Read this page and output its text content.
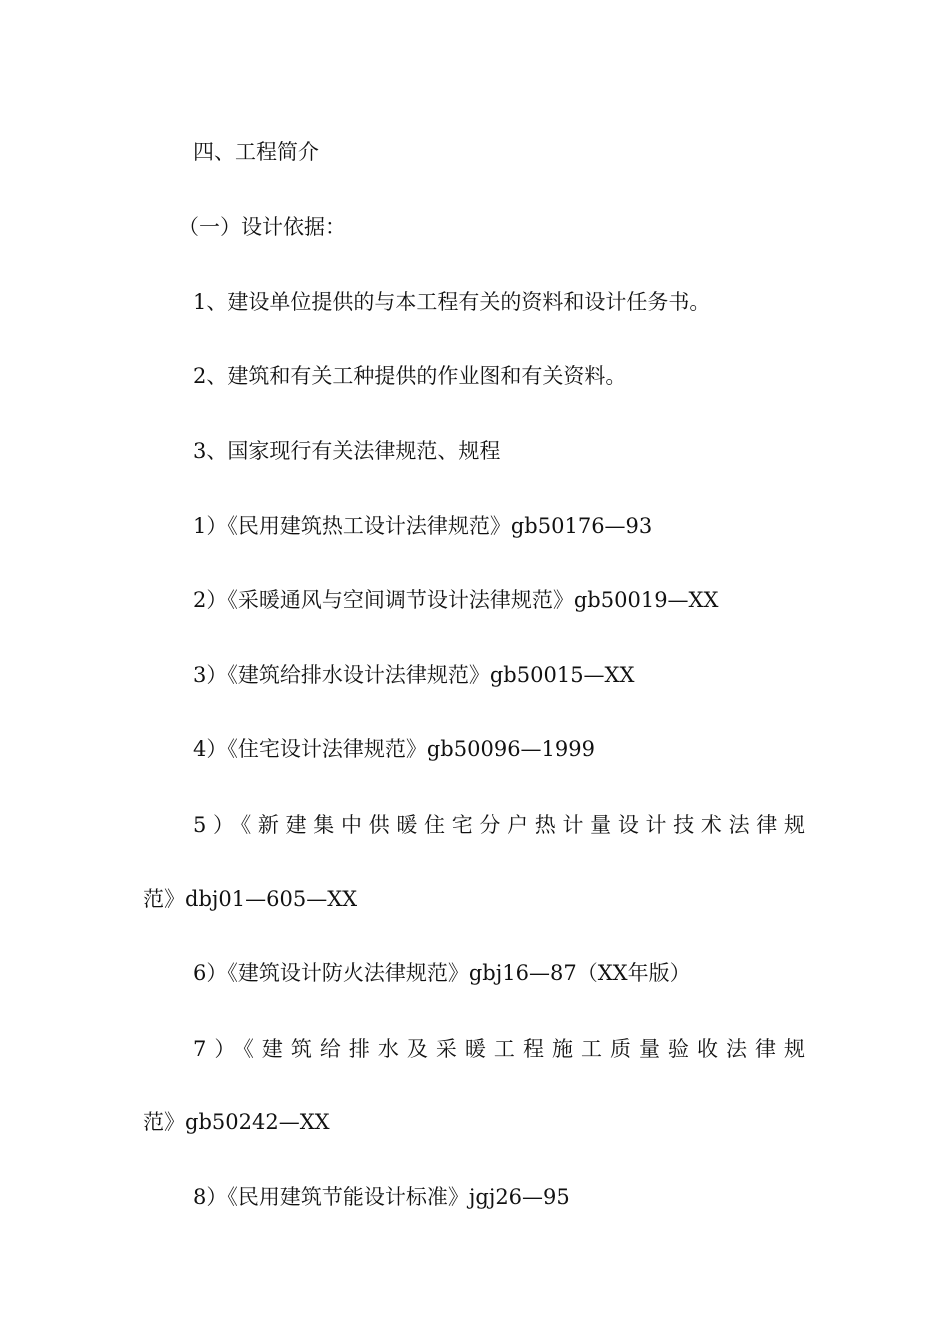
四、工程简介
（一）设计依据：
1、建设单位提供的与本工程有关的资料和设计任务书。
2、建筑和有关工种提供的作业图和有关资料。
3、国家现行有关法律规范、规程
1）《民用建筑热工设计法律规范》gb50176—93
2）《采暖通风与空间调节设计法律规范》gb50019—XX
3）《建筑给排水设计法律规范》gb50015—XX
4）《住宅设计法律规范》gb50096—1999
5）《新建集中供暖住宅分户热计量设计技术法律规
范》dbj01—605—XX
6）《建筑设计防火法律规范》gbj16—87（XX年版）
7）《建筑给排水及采暖工程施工质量验收法律规
范》gb50242—XX
8）《民用建筑节能设计标准》jgj26—95
